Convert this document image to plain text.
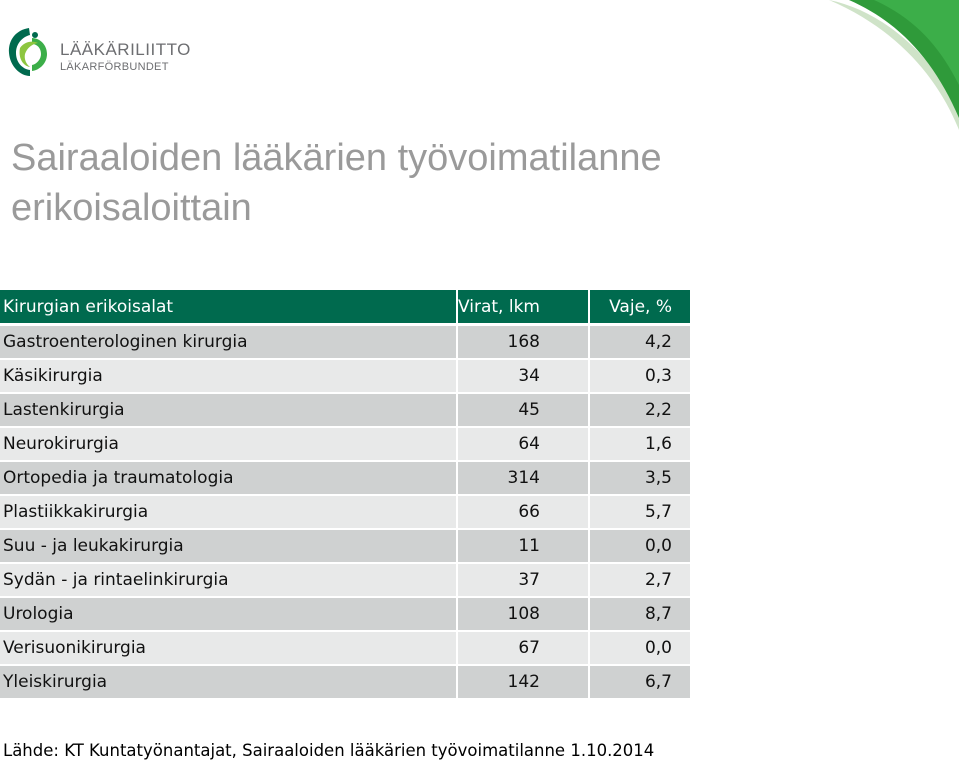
LÄÄKÄRILIITTO
LÄKARFÖRBUNDET
Sairaaloiden lääkärien työvoimatilanne
erikoisaloittain
Kirurgian erikoisalat	Virat, lkm	Vaje, %
Gastroenterologinen kirurgia	168	4,2
Käsikirurgia	34	0,3
Lastenkirurgia	45	2,2
Neurokirurgia	64	1,6
Ortopedia ja traumatologia	314	3,5
Plastiikkakirurgia	66	5,7
Suu - ja leukakirurgia	11	0,0
Sydän - ja rintaelinkirurgia	37	2,7
Urologia	108	8,7
Verisuonikirurgia	67	0,0
Yleiskirurgia	142	6,7
Lähde: KT Kuntatyönantajat, Sairaaloiden lääkärien työvoimatilanne 1.10.2014
